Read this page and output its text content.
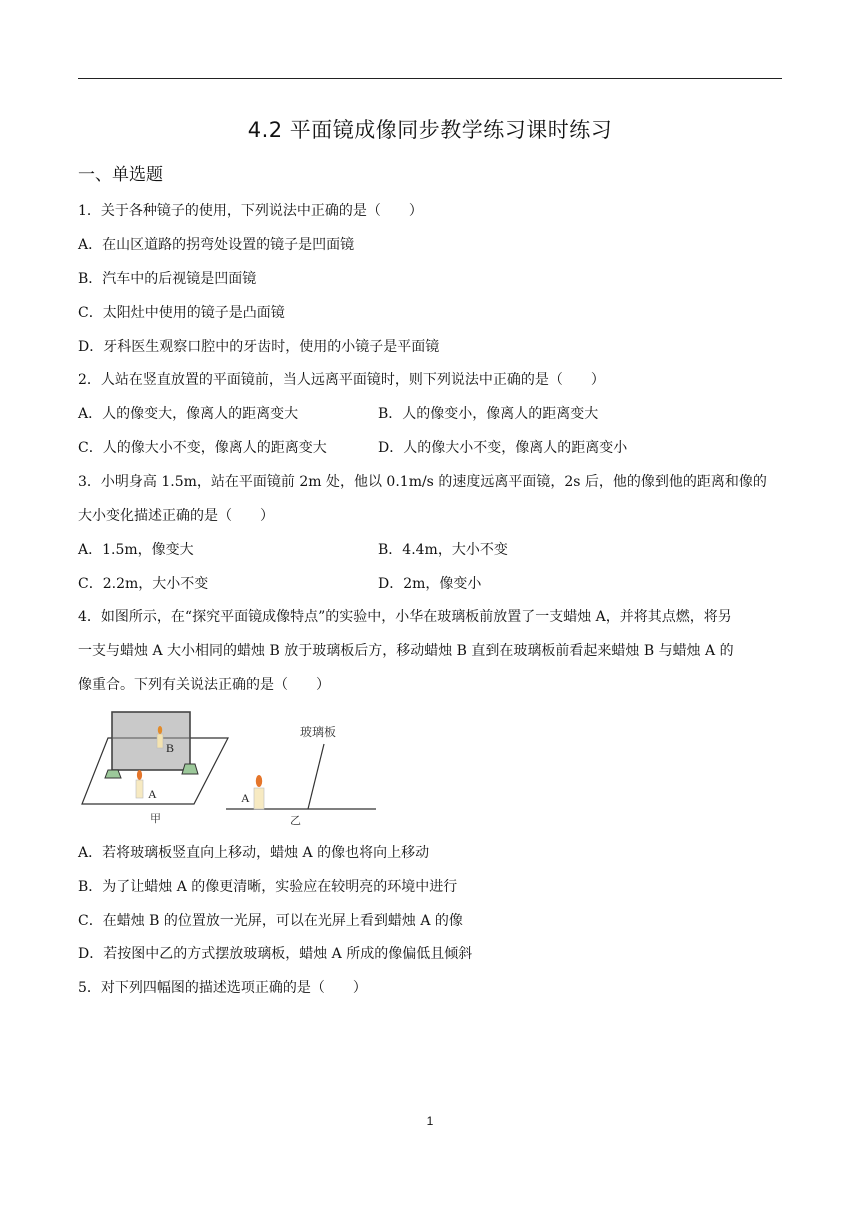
4.2 平面镜成像同步教学练习课时练习
一、单选题
1．关于各种镜子的使用，下列说法中正确的是（　　）
A．在山区道路的拐弯处设置的镜子是凹面镜
B．汽车中的后视镜是凹面镜
C．太阳灶中使用的镜子是凸面镜
D．牙科医生观察口腔中的牙齿时，使用的小镜子是平面镜
2．人站在竖直放置的平面镜前，当人远离平面镜时，则下列说法中正确的是（　　）
A．人的像变大，像离人的距离变大	B．人的像变小，像离人的距离变大
C．人的像大小不变，像离人的距离变大	D．人的像大小不变，像离人的距离变小
3．小明身高 1.5m，站在平面镜前 2m 处，他以 0.1m/s 的速度远离平面镜，2s 后，他的像到他的距离和像的
大小变化描述正确的是（　　）
A．1.5m，像变大	B．4.4m，大小不变
C．2.2m，大小不变	D．2m，像变小
4．如图所示，在“探究平面镜成像特点”的实验中，小华在玻璃板前放置了一支蜡烛 A，并将其点燃，将另
一支与蜡烛 A 大小相同的蜡烛 B 放于玻璃板后方，移动蜡烛 B 直到在玻璃板前看起来蜡烛 B 与蜡烛 A 的
像重合。下列有关说法正确的是（　　）
B
A
甲
玻璃板
A
乙
A．若将玻璃板竖直向上移动，蜡烛 A 的像也将向上移动
B．为了让蜡烛 A 的像更清晰，实验应在较明亮的环境中进行
C．在蜡烛 B 的位置放一光屏，可以在光屏上看到蜡烛 A 的像
D．若按图中乙的方式摆放玻璃板，蜡烛 A 所成的像偏低且倾斜
5．对下列四幅图的描述选项正确的是（　　）
1
